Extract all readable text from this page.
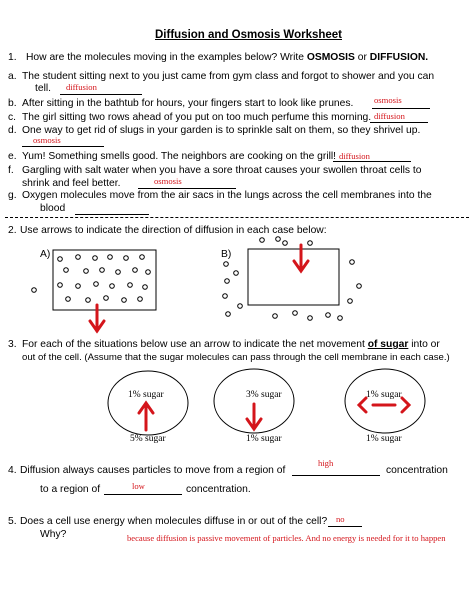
Diffusion and Osmosis Worksheet
1. How are the molecules moving in the examples below? Write OSMOSIS or DIFFUSION.
a. The student sitting next to you just came from gym class and forgot to shower and you can
tell. diffusion
b. After sitting in the bathtub for hours, your fingers start to look like prunes. osmosis
c. The girl sitting two rows ahead of you put on too much perfume this morning. diffusion
d. One way to get rid of slugs in your garden is to sprinkle salt on them, so they shrivel up.
osmosis
e. Yum! Something smells good. The neighbors are cooking on the grill! diffusion
f. Gargling with salt water when you have a sore throat causes your swollen throat cells to
shrink and feel better.	osmosis
g. Oxygen molecules move from the air sacs in the lungs across the cell membranes into the
blood
2. Use arrows to indicate the direction of diffusion in each case below:
A)	B)
3. For each of the situations below use an arrow to indicate the net movement of sugar into or
out of the cell. (Assume that the sugar molecules can pass through the cell membrane in each case.)
1% sugar
5% sugar
3% sugar
1% sugar
1% sugar
1% sugar
4. Diffusion always causes particles to move from a region of
high
concentration
to a region of	low	concentration.
5. Does a cell use energy when molecules diffuse in or out of the cell? no
Why?	because diffusion is passive movement of particles. And no energy is needed for it to happen
